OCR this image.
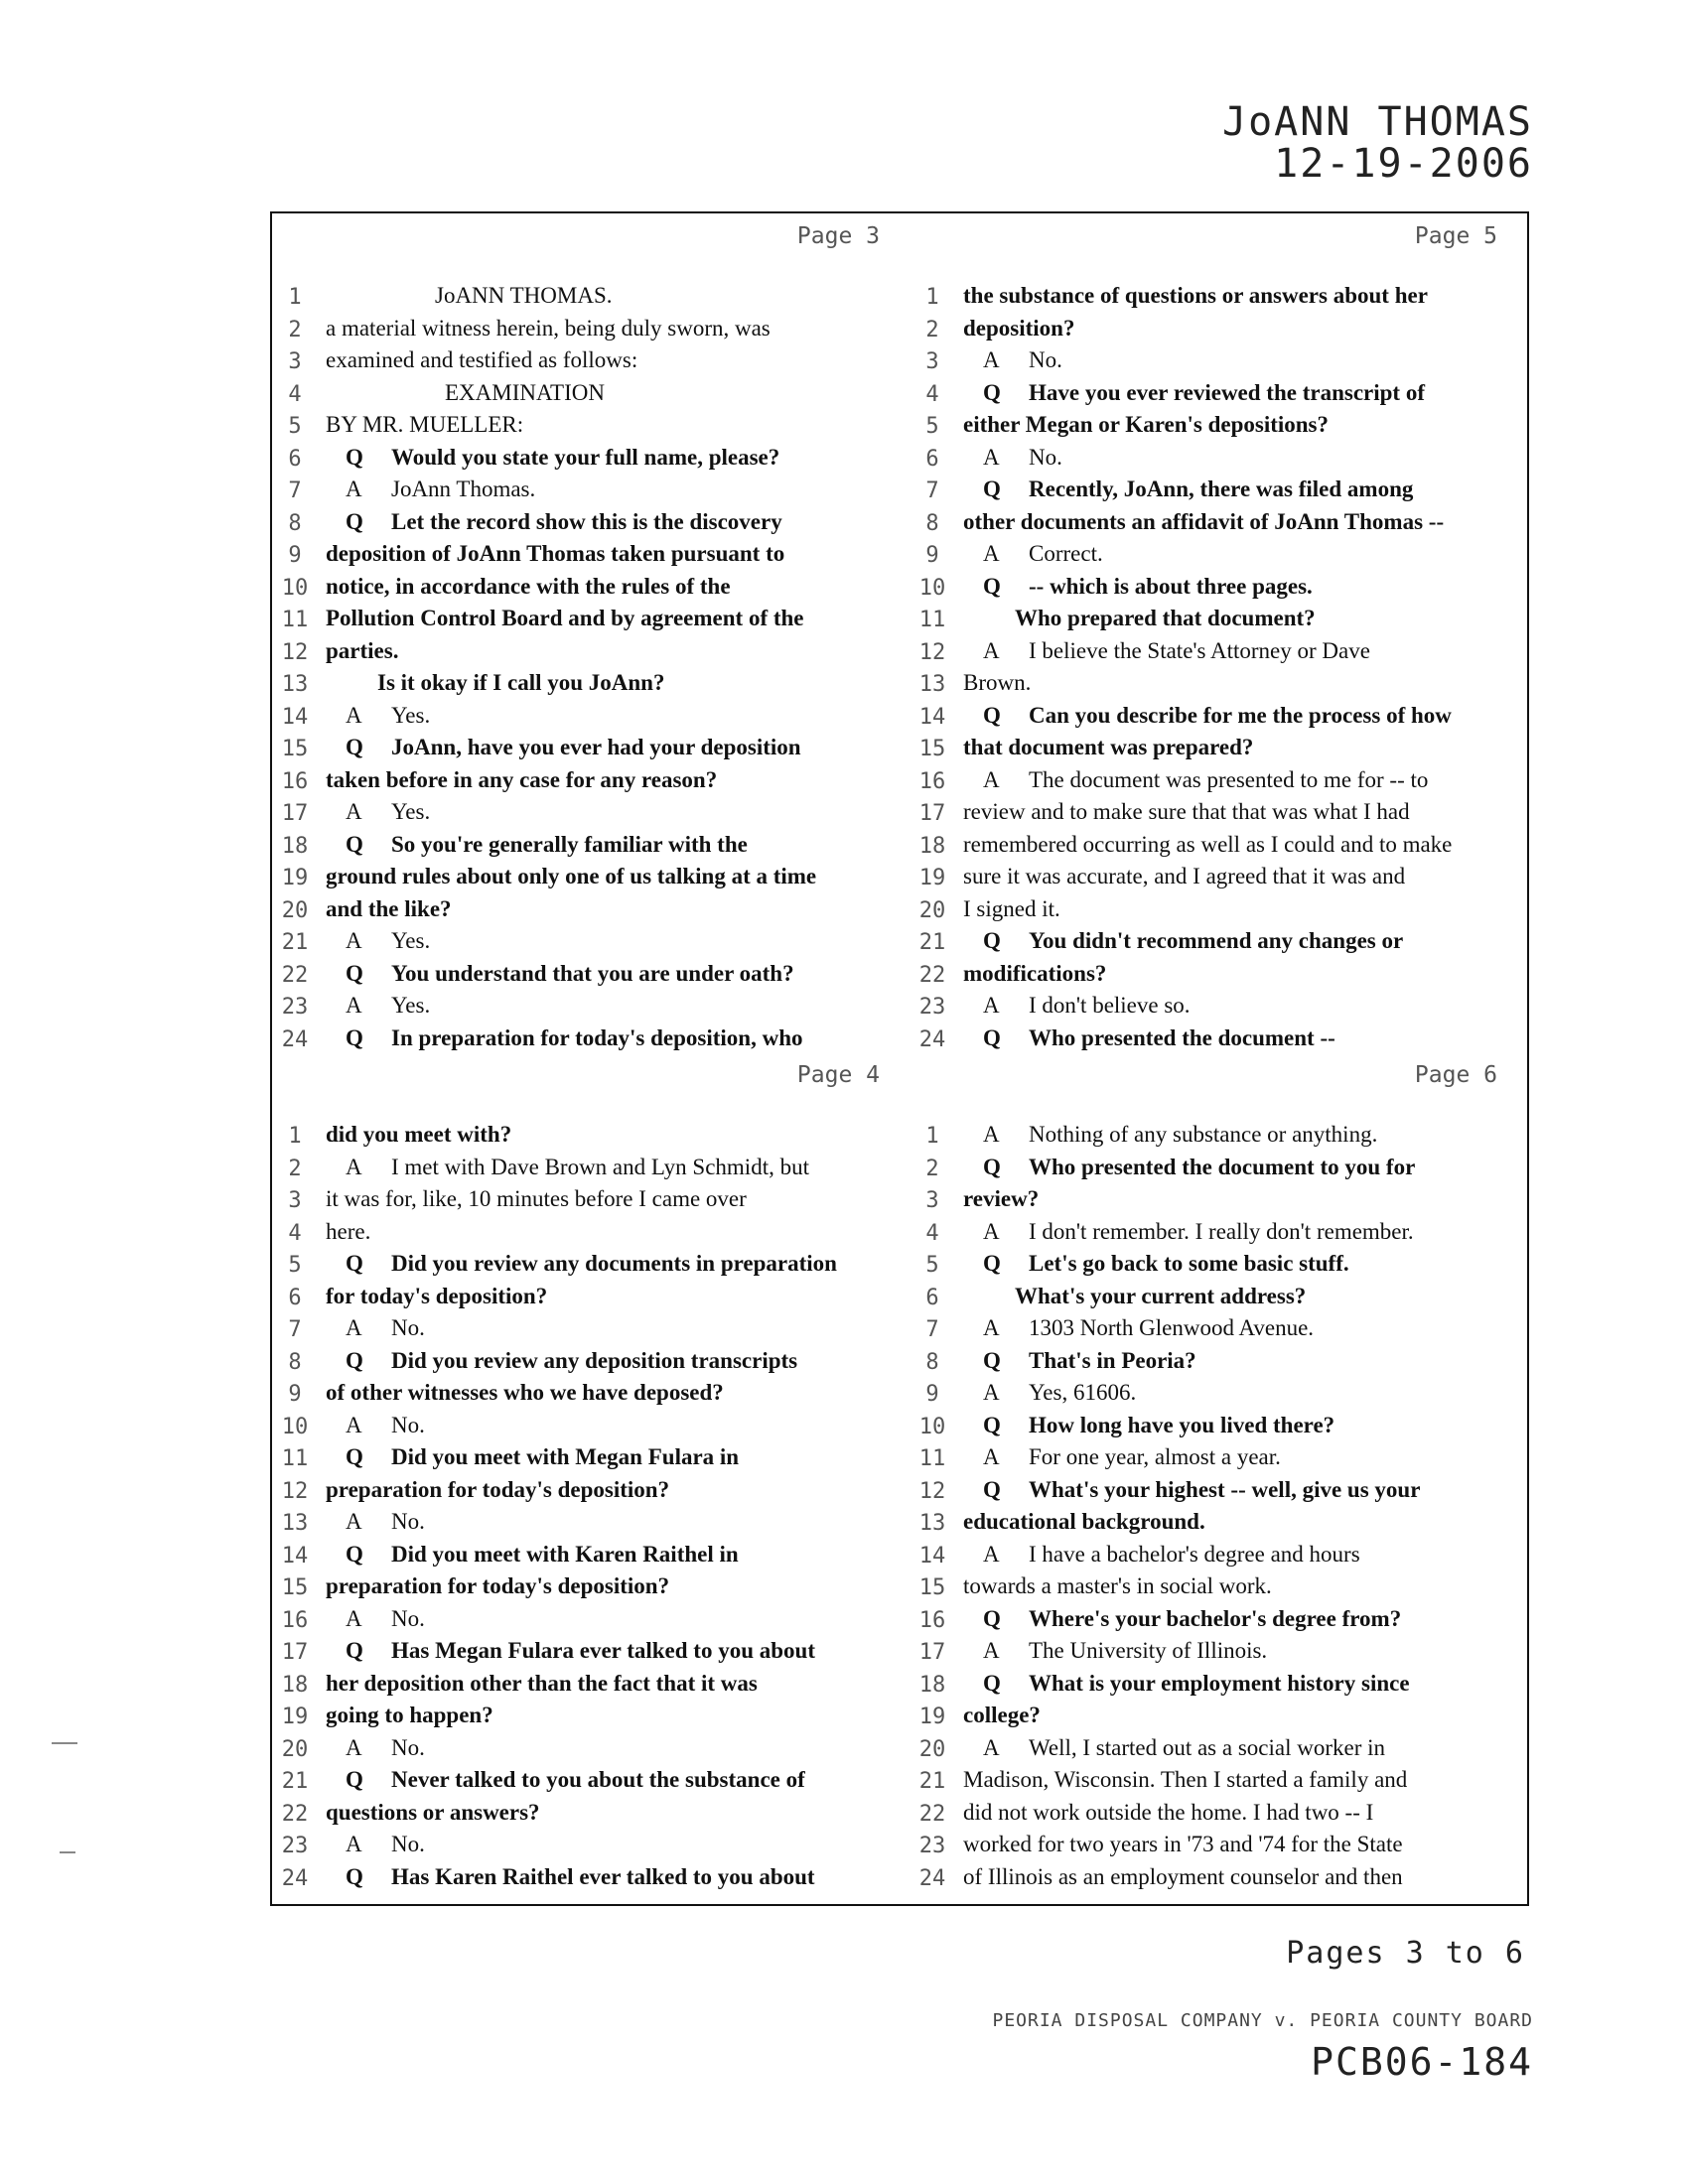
JoANN THOMAS
12-19-2006
Page 3
1	JoANN THOMAS.
2	a material witness herein, being duly sworn, was
3	examined and testified as follows:
4	EXAMINATION
5	BY MR. MUELLER:
6	Q Would you state your full name, please?
7	A JoAnn Thomas.
8	Q Let the record show this is the discovery
9	deposition of JoAnn Thomas taken pursuant to
10 notice, in accordance with the rules of the
11 Pollution Control Board and by agreement of the
12 parties.
13	Is it okay if I call you JoAnn?
14	A Yes.
15	Q JoAnn, have you ever had your deposition
16 taken before in any case for any reason?
17	A Yes.
18	Q So you're generally familiar with the
19 ground rules about only one of us talking at a time
20 and the like?
21	A Yes.
22	Q You understand that you are under oath?
23	A Yes.
24	Q In preparation for today's deposition, who
Page 5
1	the substance of questions or answers about her
2	deposition?
3	A No.
4	Q Have you ever reviewed the transcript of
5	either Megan or Karen's depositions?
6	A No.
7	Q Recently, JoAnn, there was filed among
8	other documents an affidavit of JoAnn Thomas --
9	A Correct.
10	Q -- which is about three pages.
11	Who prepared that document?
12	A I believe the State's Attorney or Dave
13 Brown.
14	Q Can you describe for me the process of how
15 that document was prepared?
16	A The document was presented to me for -- to
17 review and to make sure that that was what I had
18 remembered occurring as well as I could and to make
19 sure it was accurate, and I agreed that it was and
20 I signed it.
21	Q You didn't recommend any changes or
22 modifications?
23	A I don't believe so.
24	Q Who presented the document --
Page 4
1	did you meet with?
2	A I met with Dave Brown and Lyn Schmidt, but
3	it was for, like, 10 minutes before I came over
4	here.
5	Q Did you review any documents in preparation
6	for today's deposition?
7	A No.
8	Q Did you review any deposition transcripts
9	of other witnesses who we have deposed?
10	A No.
11	Q Did you meet with Megan Fulara in
12 preparation for today's deposition?
13	A No.
14	Q Did you meet with Karen Raithel in
15 preparation for today's deposition?
16	A No.
17	Q Has Megan Fulara ever talked to you about
18 her deposition other than the fact that it was
19 going to happen?
20	A No.
21	Q Never talked to you about the substance of
22 questions or answers?
23	A No.
24	Q Has Karen Raithel ever talked to you about
Page 6
1	A Nothing of any substance or anything.
2	Q Who presented the document to you for
3	review?
4	A I don't remember. I really don't remember.
5	Q Let's go back to some basic stuff.
6	What's your current address?
7	A 1303 North Glenwood Avenue.
8	Q That's in Peoria?
9	A Yes, 61606.
10	Q How long have you lived there?
11	A For one year, almost a year.
12	Q What's your highest -- well, give us your
13 educational background.
14	A I have a bachelor's degree and hours
15 towards a master's in social work.
16	Q Where's your bachelor's degree from?
17	A The University of Illinois.
18	Q What is your employment history since
19 college?
20	A Well, I started out as a social worker in
21 Madison, Wisconsin. Then I started a family and
22 did not work outside the home. I had two -- I
23 worked for two years in '73 and '74 for the State
24 of Illinois as an employment counselor and then
Pages 3 to 6
PEORIA DISPOSAL COMPANY v. PEORIA COUNTY BOARD
PCB06-184
